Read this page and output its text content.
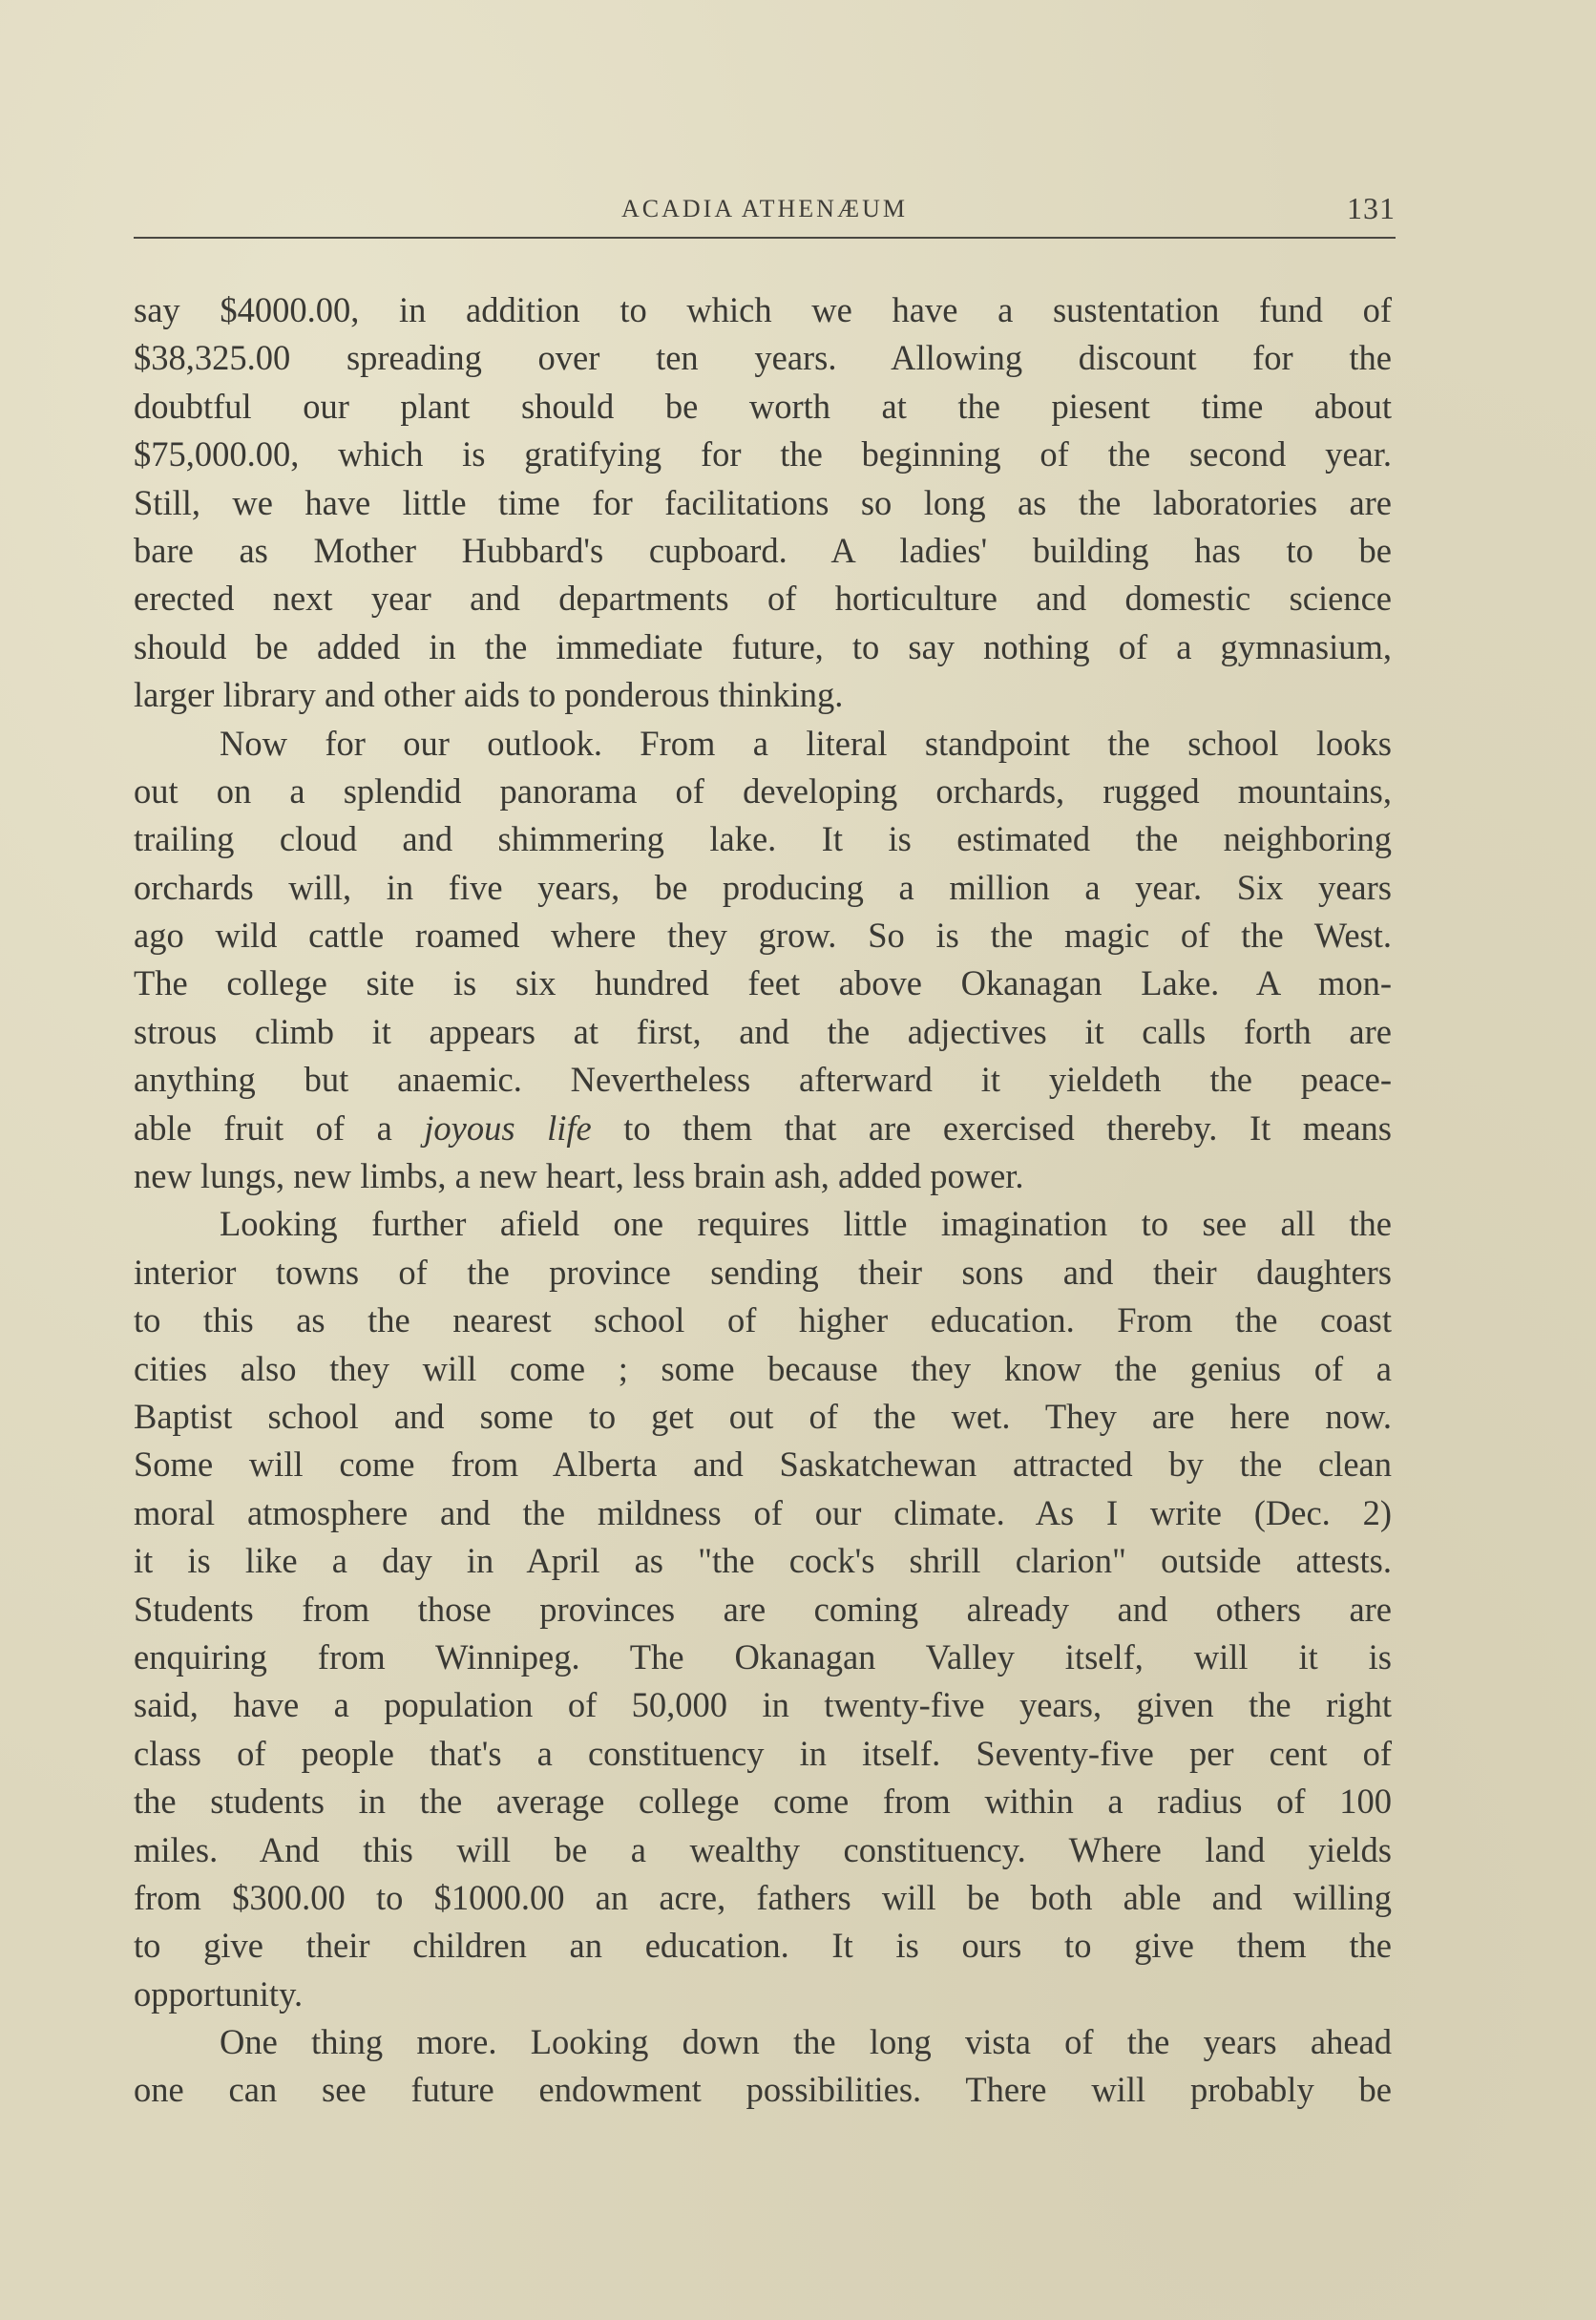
ACADIA ATHENÆUM	131
say $4000.00, in addition to which we have a sustentation fund of
$38,325.00 spreading over ten years. Allowing discount for the
doubtful our plant should be worth at the piesent time about
$75,000.00, which is gratifying for the beginning of the second year.
Still, we have little time for facilitations so long as the laboratories are
bare as Mother Hubbard's cupboard. A ladies' building has to be
erected next year and departments of horticulture and domestic science
should be added in the immediate future, to say nothing of a gymnasium,
larger library and other aids to ponderous thinking.
Now for our outlook. From a literal standpoint the school looks
out on a splendid panorama of developing orchards, rugged mountains,
trailing cloud and shimmering lake. It is estimated the neighboring
orchards will, in five years, be producing a million a year. Six years
ago wild cattle roamed where they grow. So is the magic of the West.
The college site is six hundred feet above Okanagan Lake. A mon-
strous climb it appears at first, and the adjectives it calls forth are
anything but anaemic. Nevertheless afterward it yieldeth the peace-
able fruit of a joyous life to them that are exercised thereby. It means
new lungs, new limbs, a new heart, less brain ash, added power.
Looking further afield one requires little imagination to see all the
interior towns of the province sending their sons and their daughters
to this as the nearest school of higher education. From the coast
cities also they will come ; some because they know the genius of a
Baptist school and some to get out of the wet. They are here now.
Some will come from Alberta and Saskatchewan attracted by the clean
moral atmosphere and the mildness of our climate. As I write (Dec. 2)
it is like a day in April as "the cock's shrill clarion" outside attests.
Students from those provinces are coming already and others are
enquiring from Winnipeg. The Okanagan Valley itself, will it is
said, have a population of 50,000 in twenty-five years, given the right
class of people that's a constituency in itself. Seventy-five per cent of
the students in the average college come from within a radius of 100
miles. And this will be a wealthy constituency. Where land yields
from $300.00 to $1000.00 an acre, fathers will be both able and willing
to give their children an education. It is ours to give them the
opportunity.
One thing more. Looking down the long vista of the years ahead
one can see future endowment possibilities. There will probably be
